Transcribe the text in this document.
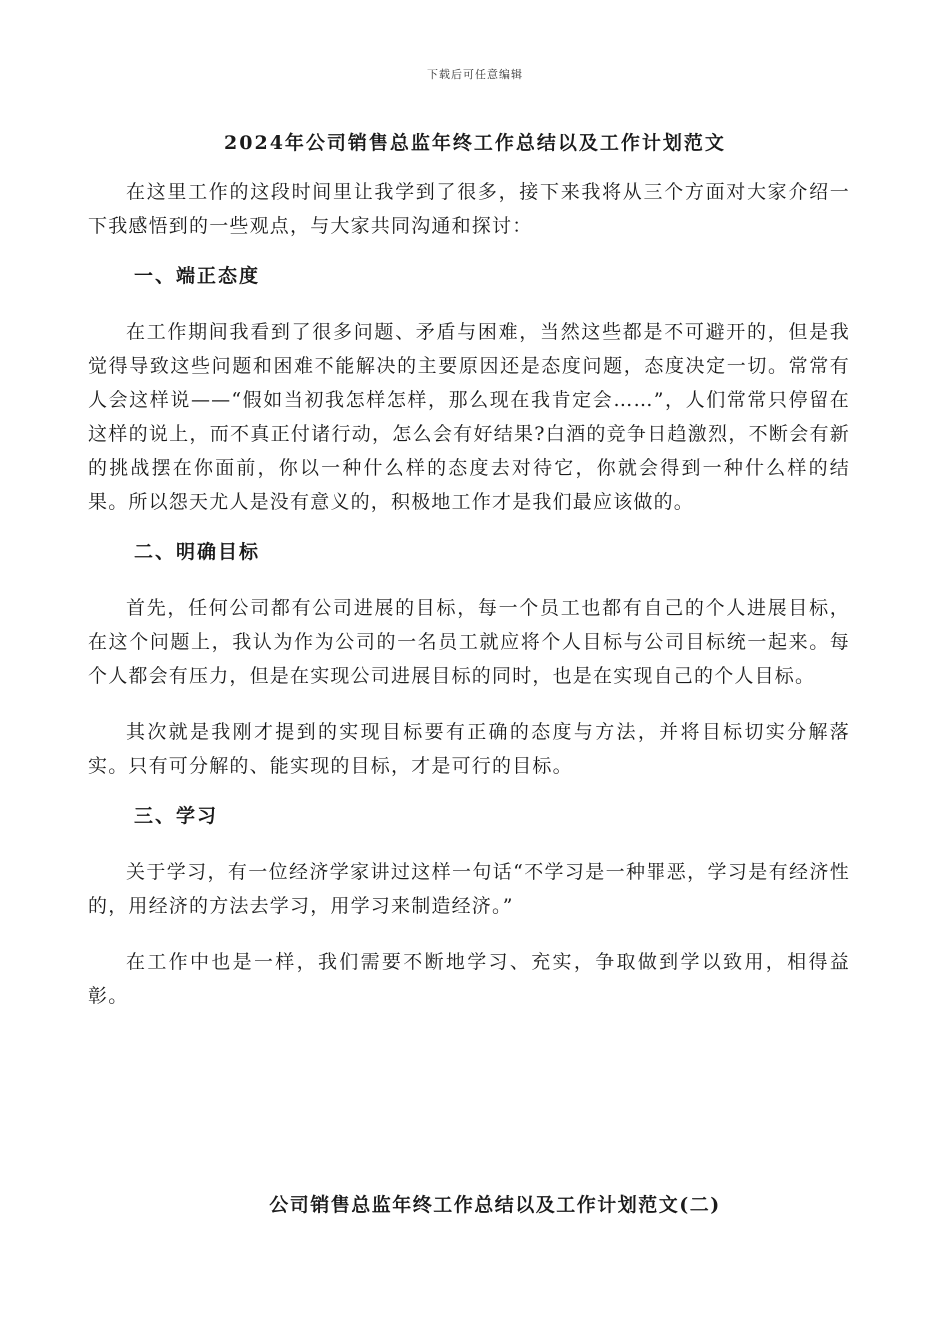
下载后可任意编辑
2024年公司销售总监年终工作总结以及工作计划范文

在这里工作的这段时间里让我学到了很多，接下来我将从三个方面对大家介绍一下我感悟到的一些观点，与大家共同沟通和探讨：

一、端正态度

在工作期间我看到了很多问题、矛盾与困难，当然这些都是不可避开的，但是我觉得导致这些问题和困难不能解决的主要原因还是态度问题，态度决定一切。常常有人会这样说——“假如当初我怎样怎样，那么现在我肯定会……”，人们常常只停留在这样的说上，而不真正付诸行动，怎么会有好结果?白酒的竞争日趋激烈，不断会有新的挑战摆在你面前，你以一种什么样的态度去对待它，你就会得到一种什么样的结果。所以怨天尤人是没有意义的，积极地工作才是我们最应该做的。

二、明确目标

首先，任何公司都有公司进展的目标，每一个员工也都有自己的个人进展目标，在这个问题上，我认为作为公司的一名员工就应将个人目标与公司目标统一起来。每个人都会有压力，但是在实现公司进展目标的同时，也是在实现自己的个人目标。

其次就是我刚才提到的实现目标要有正确的态度与方法，并将目标切实分解落实。只有可分解的、能实现的目标，才是可行的目标。

三、学习

关于学习，有一位经济学家讲过这样一句话“不学习是一种罪恶，学习是有经济性的，用经济的方法去学习，用学习来制造经济。”

在工作中也是一样，我们需要不断地学习、充实，争取做到学以致用，相得益彰。

公司销售总监年终工作总结以及工作计划范文(二)
